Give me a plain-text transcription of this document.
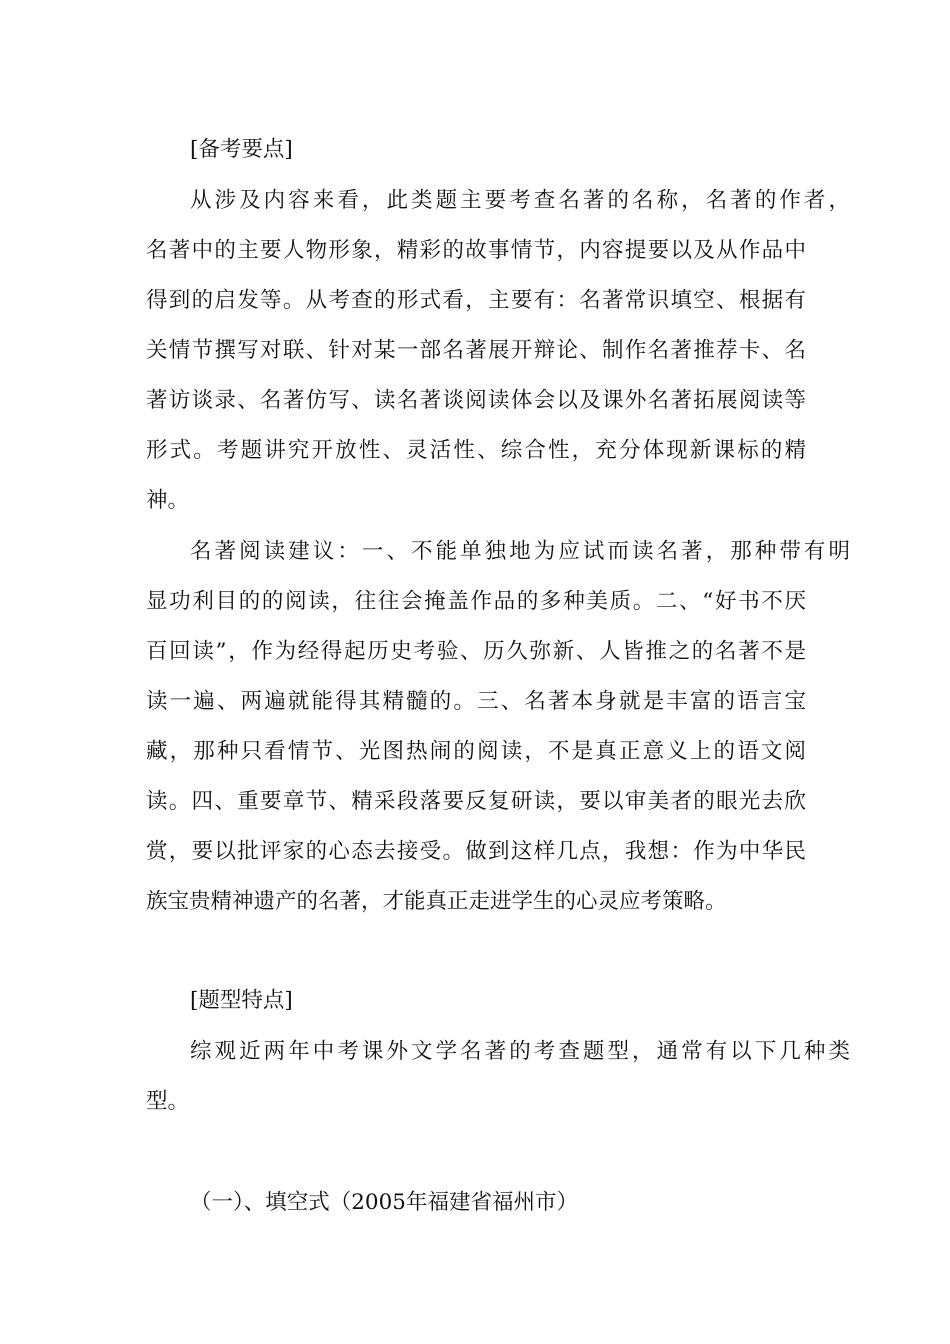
[备考要点]
从涉及内容来看，此类题主要考查名著的名称，名著的作者，
名著中的主要人物形象，精彩的故事情节，内容提要以及从作品中
得到的启发等。从考查的形式看，主要有：名著常识填空、根据有
关情节撰写对联、针对某一部名著展开辩论、制作名著推荐卡、名
著访谈录、名著仿写、读名著谈阅读体会以及课外名著拓展阅读等
形式。考题讲究开放性、灵活性、综合性，充分体现新课标的精
神。
名著阅读建议：一、不能单独地为应试而读名著，那种带有明
显功利目的的阅读，往往会掩盖作品的多种美质。二、“好书不厌
百回读”，作为经得起历史考验、历久弥新、人皆推之的名著不是
读一遍、两遍就能得其精髓的。三、名著本身就是丰富的语言宝
藏，那种只看情节、光图热闹的阅读，不是真正意义上的语文阅
读。四、重要章节、精采段落要反复研读，要以审美者的眼光去欣
赏，要以批评家的心态去接受。做到这样几点，我想：作为中华民
族宝贵精神遗产的名著，才能真正走进学生的心灵应考策略。
[题型特点]
综观近两年中考课外文学名著的考查题型，通常有以下几种类
型。
（一）、填空式（2005年福建省福州市）
